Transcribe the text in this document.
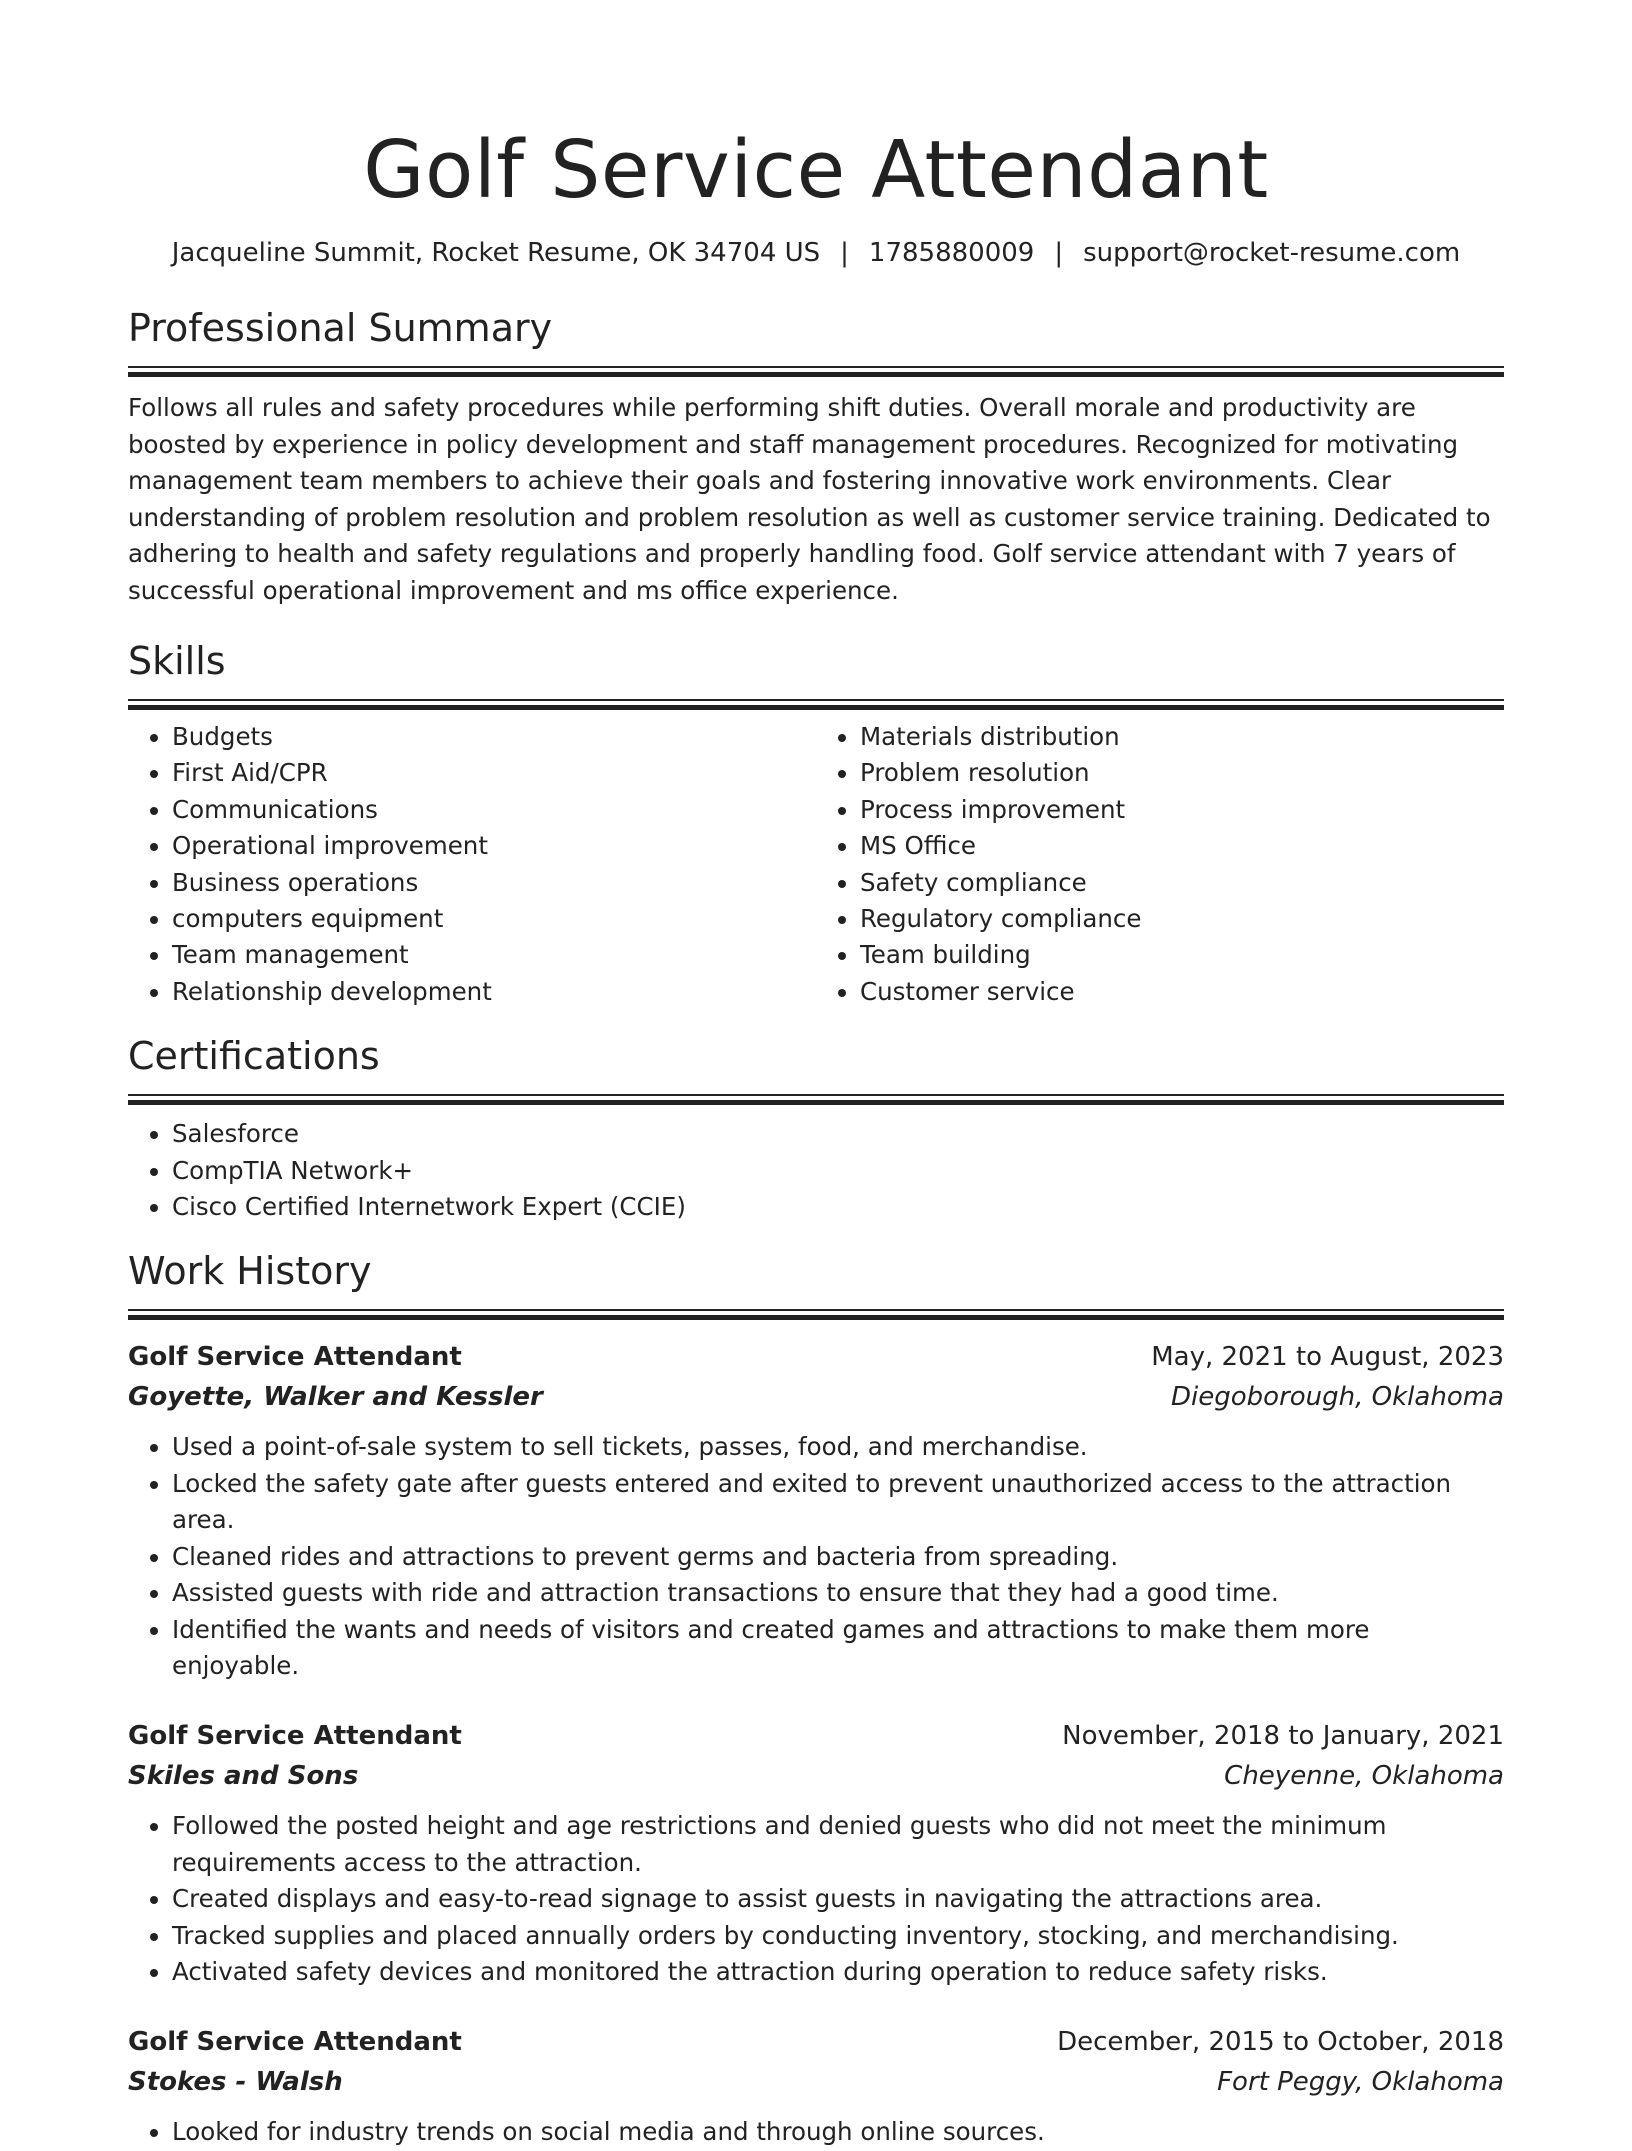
Golf Service Attendant
Jacqueline Summit, Rocket Resume, OK 34704 US | 1785880009 | support@rocket-resume.com
Professional Summary
Follows all rules and safety procedures while performing shift duties. Overall morale and productivity are boosted by experience in policy development and staff management procedures. Recognized for motivating management team members to achieve their goals and fostering innovative work environments. Clear understanding of problem resolution and problem resolution as well as customer service training. Dedicated to adhering to health and safety regulations and properly handling food. Golf service attendant with 7 years of successful operational improvement and ms office experience.
Skills
• Budgets
• First Aid/CPR
• Communications
• Operational improvement
• Business operations
• computers equipment
• Team management
• Relationship development
• Materials distribution
• Problem resolution
• Process improvement
• MS Office
• Safety compliance
• Regulatory compliance
• Team building
• Customer service
Certifications
• Salesforce
• CompTIA Network+
• Cisco Certified Internetwork Expert (CCIE)
Work History
Golf Service Attendant	May, 2021 to August, 2023
Goyette, Walker and Kessler	Diegoborough, Oklahoma
• Used a point-of-sale system to sell tickets, passes, food, and merchandise.
• Locked the safety gate after guests entered and exited to prevent unauthorized access to the attraction area.
• Cleaned rides and attractions to prevent germs and bacteria from spreading.
• Assisted guests with ride and attraction transactions to ensure that they had a good time.
• Identified the wants and needs of visitors and created games and attractions to make them more enjoyable.
Golf Service Attendant	November, 2018 to January, 2021
Skiles and Sons	Cheyenne, Oklahoma
• Followed the posted height and age restrictions and denied guests who did not meet the minimum requirements access to the attraction.
• Created displays and easy-to-read signage to assist guests in navigating the attractions area.
• Tracked supplies and placed annually orders by conducting inventory, stocking, and merchandising.
• Activated safety devices and monitored the attraction during operation to reduce safety risks.
Golf Service Attendant	December, 2015 to October, 2018
Stokes - Walsh	Fort Peggy, Oklahoma
• Looked for industry trends on social media and through online sources.
